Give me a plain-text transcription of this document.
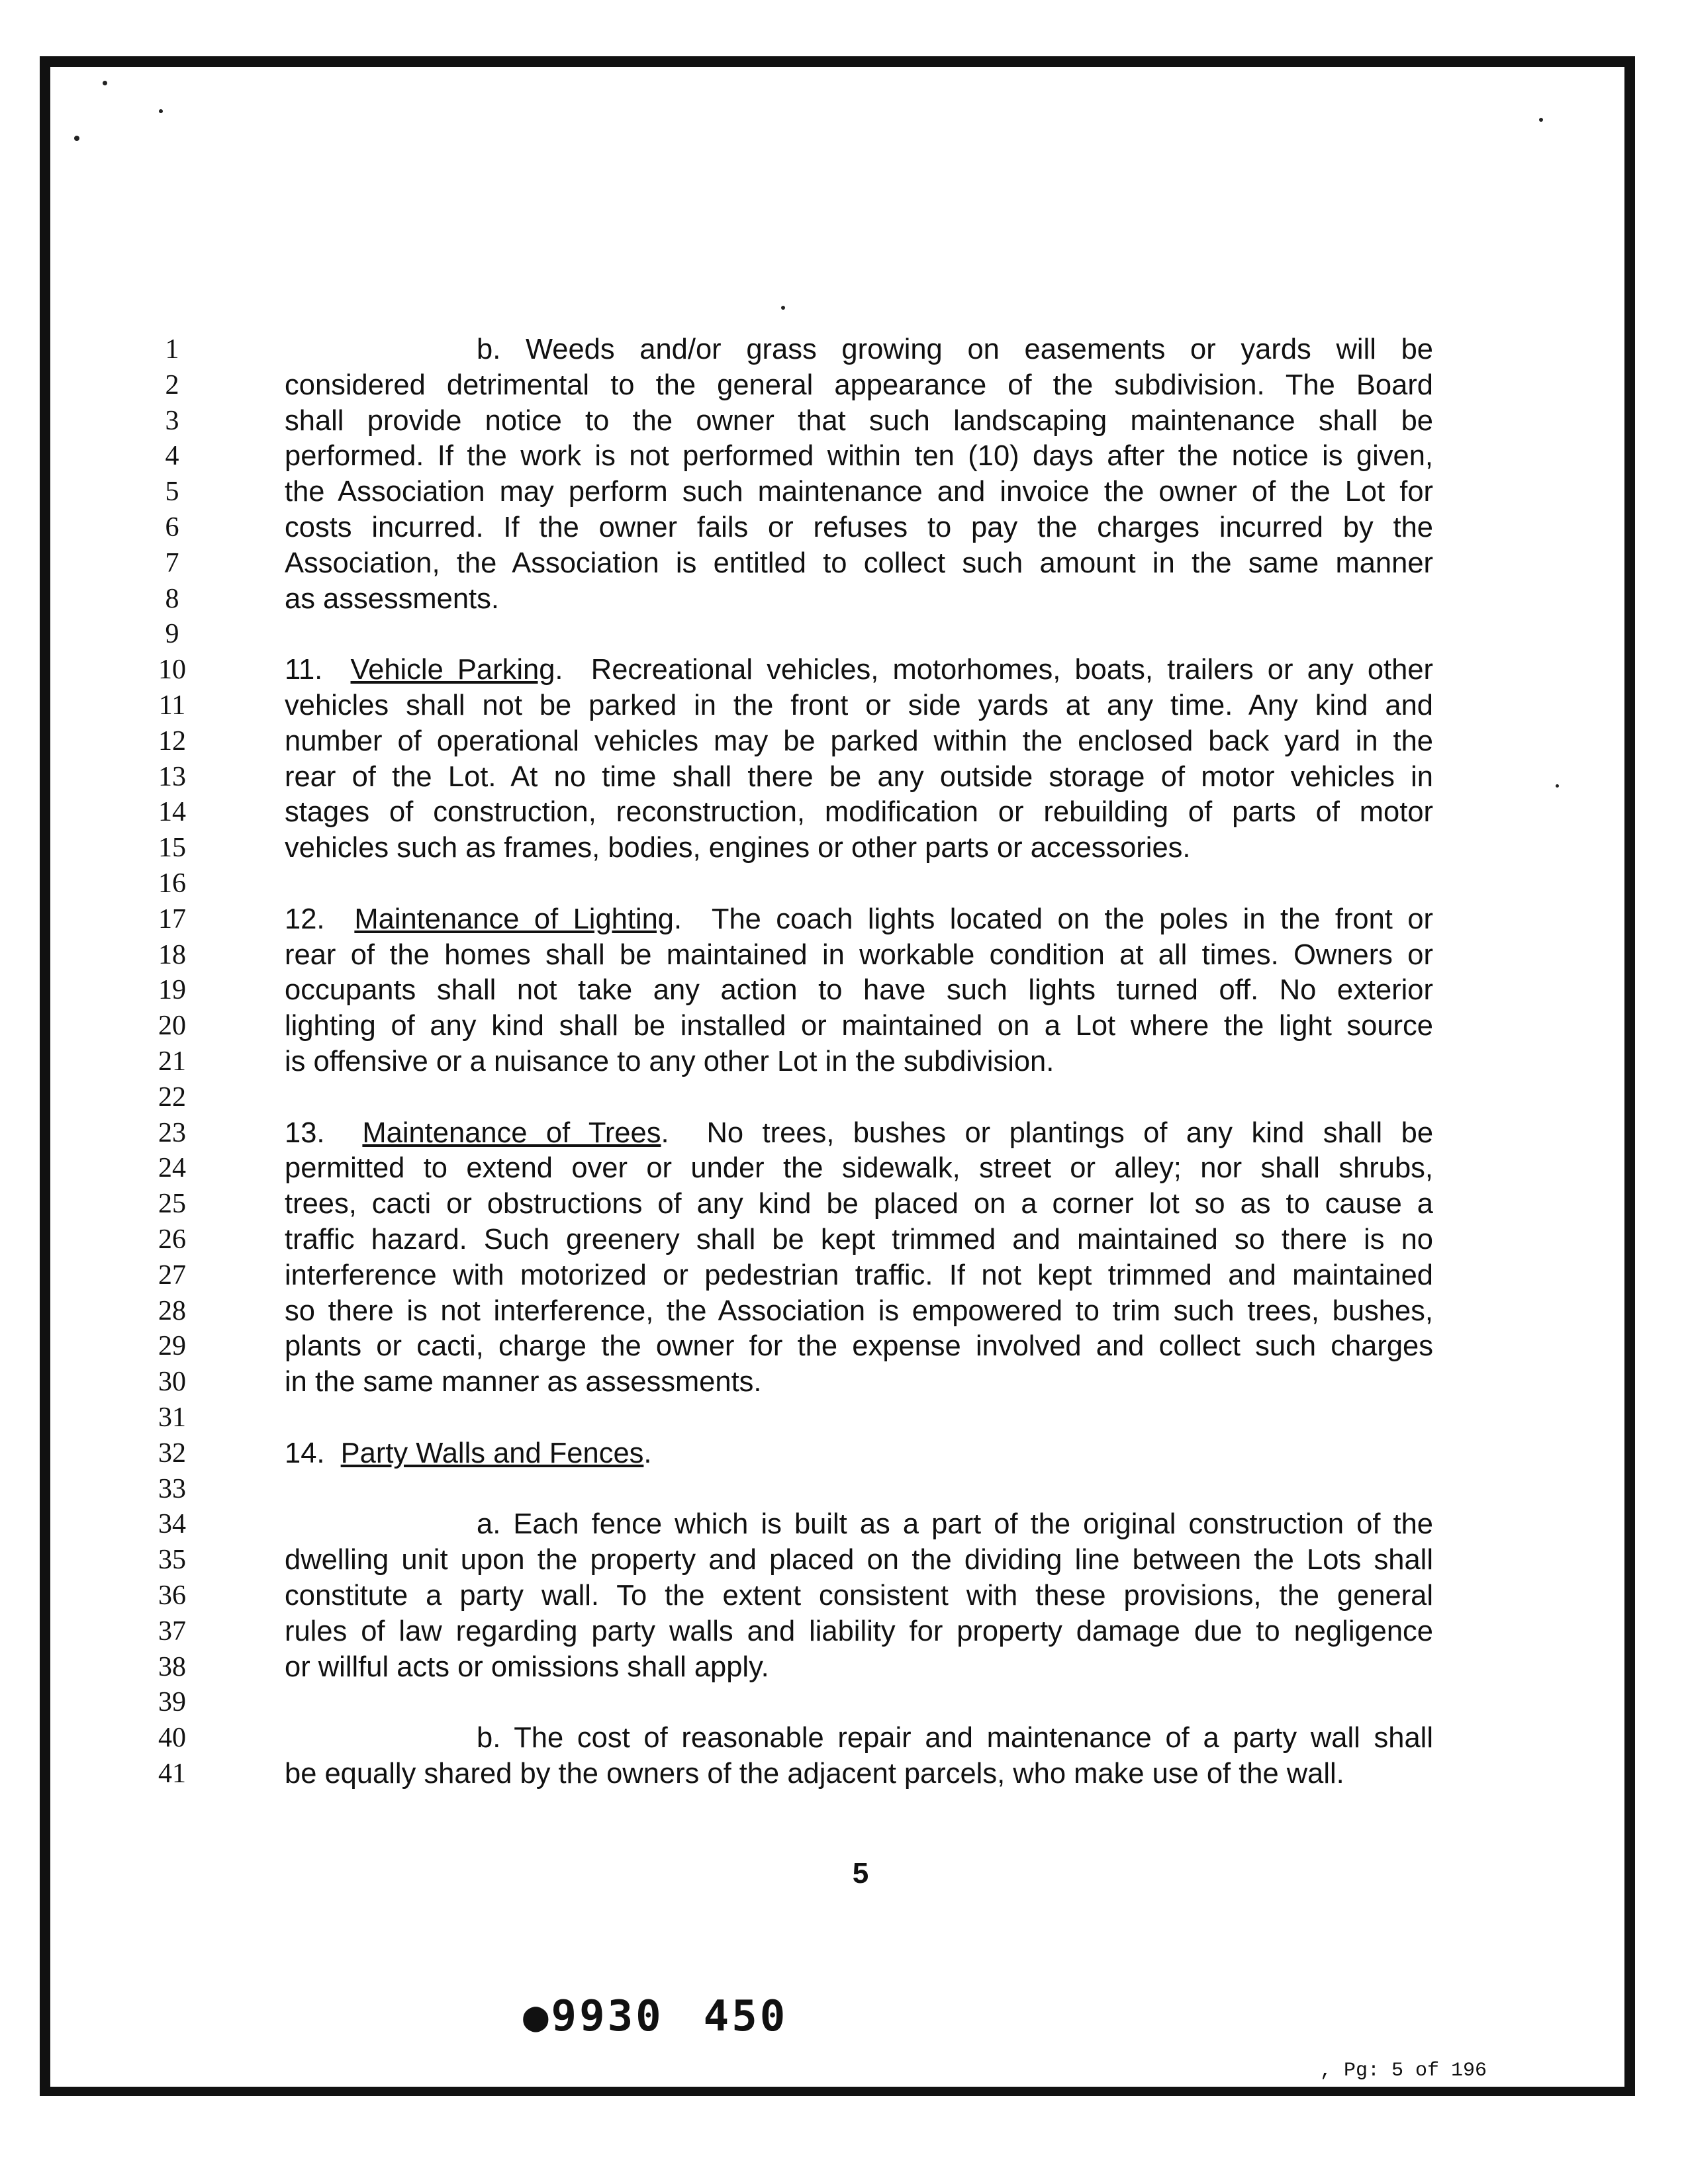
1	b. Weeds and/or grass growing on easements or yards will be
2	considered detrimental to the general appearance of the subdivision. The Board
3	shall provide notice to the owner that such landscaping maintenance shall be
4	performed. If the work is not performed within ten (10) days after the notice is given,
5	the Association may perform such maintenance and invoice the owner of the Lot for
6	costs incurred. If the owner fails or refuses to pay the charges incurred by the
7	Association, the Association is entitled to collect such amount in the same manner
8	as assessments.
9
10	11. Vehicle Parking.  Recreational vehicles, motorhomes, boats, trailers or any other
11	vehicles shall not be parked in the front or side yards at any time. Any kind and
12	number of operational vehicles may be parked within the enclosed back yard in the
13	rear of the Lot. At no time shall there be any outside storage of motor vehicles in
14	stages of construction, reconstruction, modification or rebuilding of parts of motor
15	vehicles such as frames, bodies, engines or other parts or accessories.
16
17	12. Maintenance of Lighting.  The coach lights located on the poles in the front or
18	rear of the homes shall be maintained in workable condition at all times. Owners or
19	occupants shall not take any action to have such lights turned off. No exterior
20	lighting of any kind shall be installed or maintained on a Lot where the light source
21	is offensive or a nuisance to any other Lot in the subdivision.
22
23	13. Maintenance of Trees.  No trees, bushes or plantings of any kind shall be
24	permitted to extend over or under the sidewalk, street or alley; nor shall shrubs,
25	trees, cacti or obstructions of any kind be placed on a corner lot so as to cause a
26	traffic hazard. Such greenery shall be kept trimmed and maintained so there is no
27	interference with motorized or pedestrian traffic. If not kept trimmed and maintained
28	so there is not interference, the Association is empowered to trim such trees, bushes,
29	plants or cacti, charge the owner for the expense involved and collect such charges
30	in the same manner as assessments.
31
32	14. Party Walls and Fences.
33
34	a. Each fence which is built as a part of the original construction of the
35	dwelling unit upon the property and placed on the dividing line between the Lots shall
36	constitute a party wall. To the extent consistent with these provisions, the general
37	rules of law regarding party walls and liability for property damage due to negligence
38	or willful acts or omissions shall apply.
39
40	b. The cost of reasonable repair and maintenance of a party wall shall
41	be equally shared by the owners of the adjacent parcels, who make use of the wall.
5
●9930 450
, Pg: 5 of 196
